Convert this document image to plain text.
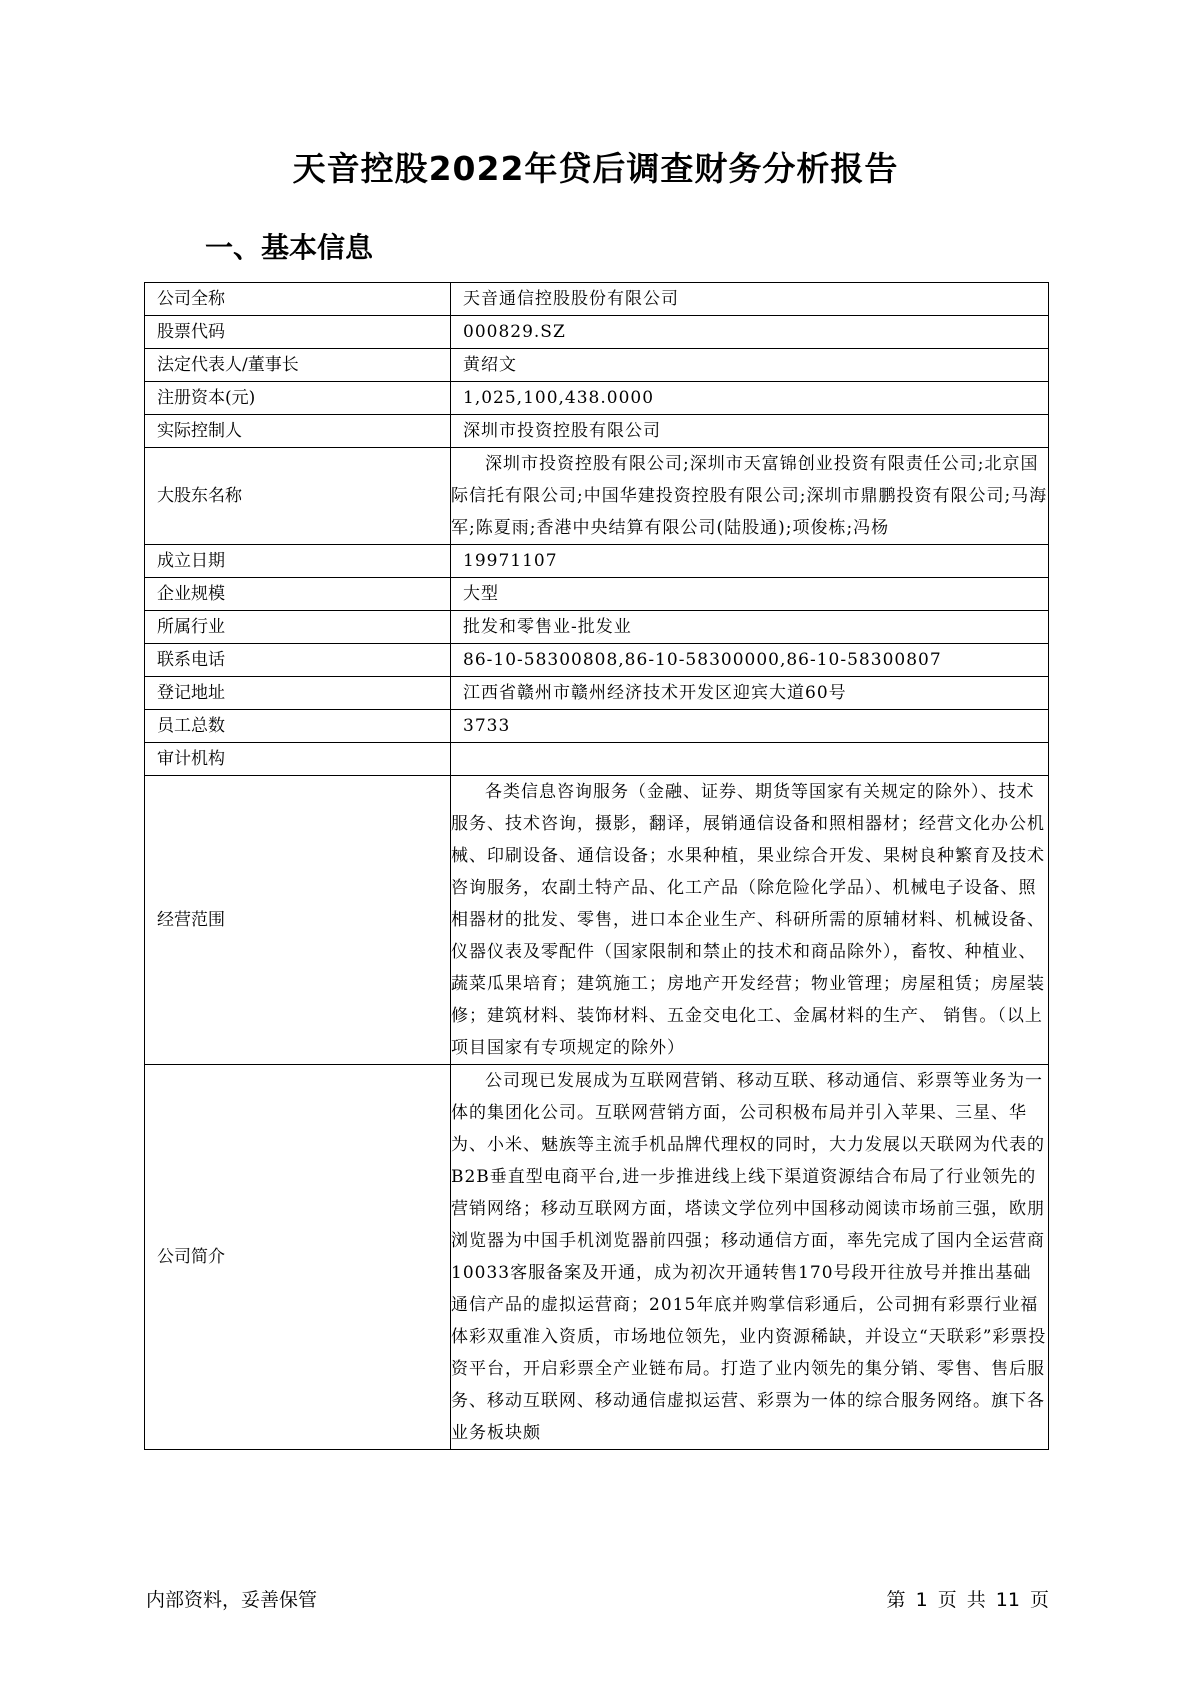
天音控股2022年贷后调查财务分析报告
一、基本信息
公司全称	天音通信控股股份有限公司
股票代码	000829.SZ
法定代表人/董事长	黄绍文
注册资本(元)	1,025,100,438.0000
实际控制人	深圳市投资控股有限公司
大股东名称	深圳市投资控股有限公司;深圳市天富锦创业投资有限责任公司;北京国际信托有限公司;中国华建投资控股有限公司;深圳市鼎鹏投资有限公司;马海军;陈夏雨;香港中央结算有限公司(陆股通);项俊栋;冯杨
成立日期	19971107
企业规模	大型
所属行业	批发和零售业-批发业
联系电话	86-10-58300808,86-10-58300000,86-10-58300807
登记地址	江西省赣州市赣州经济技术开发区迎宾大道60号
员工总数	3733
审计机构	
经营范围	各类信息咨询服务（金融、证券、期货等国家有关规定的除外）、技术服务、技术咨询，摄影，翻译，展销通信设备和照相器材；经营文化办公机械、印刷设备、通信设备；水果种植，果业综合开发、果树良种繁育及技术咨询服务，农副土特产品、化工产品（除危险化学品）、机械电子设备、照相器材的批发、零售，进口本企业生产、科研所需的原辅材料、机械设备、仪器仪表及零配件（国家限制和禁止的技术和商品除外），畜牧、种植业、蔬菜瓜果培育；建筑施工；房地产开发经营；物业管理；房屋租赁；房屋装修；建筑材料、装饰材料、五金交电化工、金属材料的生产、 销售。（以上项目国家有专项规定的除外）
公司简介	公司现已发展成为互联网营销、移动互联、移动通信、彩票等业务为一体的集团化公司。互联网营销方面，公司积极布局并引入苹果、三星、华为、小米、魅族等主流手机品牌代理权的同时，大力发展以天联网为代表的B2B垂直型电商平台,进一步推进线上线下渠道资源结合布局了行业领先的营销网络；移动互联网方面，塔读文学位列中国移动阅读市场前三强，欧朋浏览器为中国手机浏览器前四强；移动通信方面，率先完成了国内全运营商10033客服备案及开通，成为初次开通转售170号段开往放号并推出基础通信产品的虚拟运营商；2015年底并购掌信彩通后，公司拥有彩票行业福体彩双重准入资质，市场地位领先，业内资源稀缺，并设立“天联彩”彩票投资平台，开启彩票全产业链布局。打造了业内领先的集分销、零售、售后服务、移动互联网、移动通信虚拟运营、彩票为一体的综合服务网络。旗下各业务板块颇
内部资料，妥善保管	第 1 页 共 11 页
